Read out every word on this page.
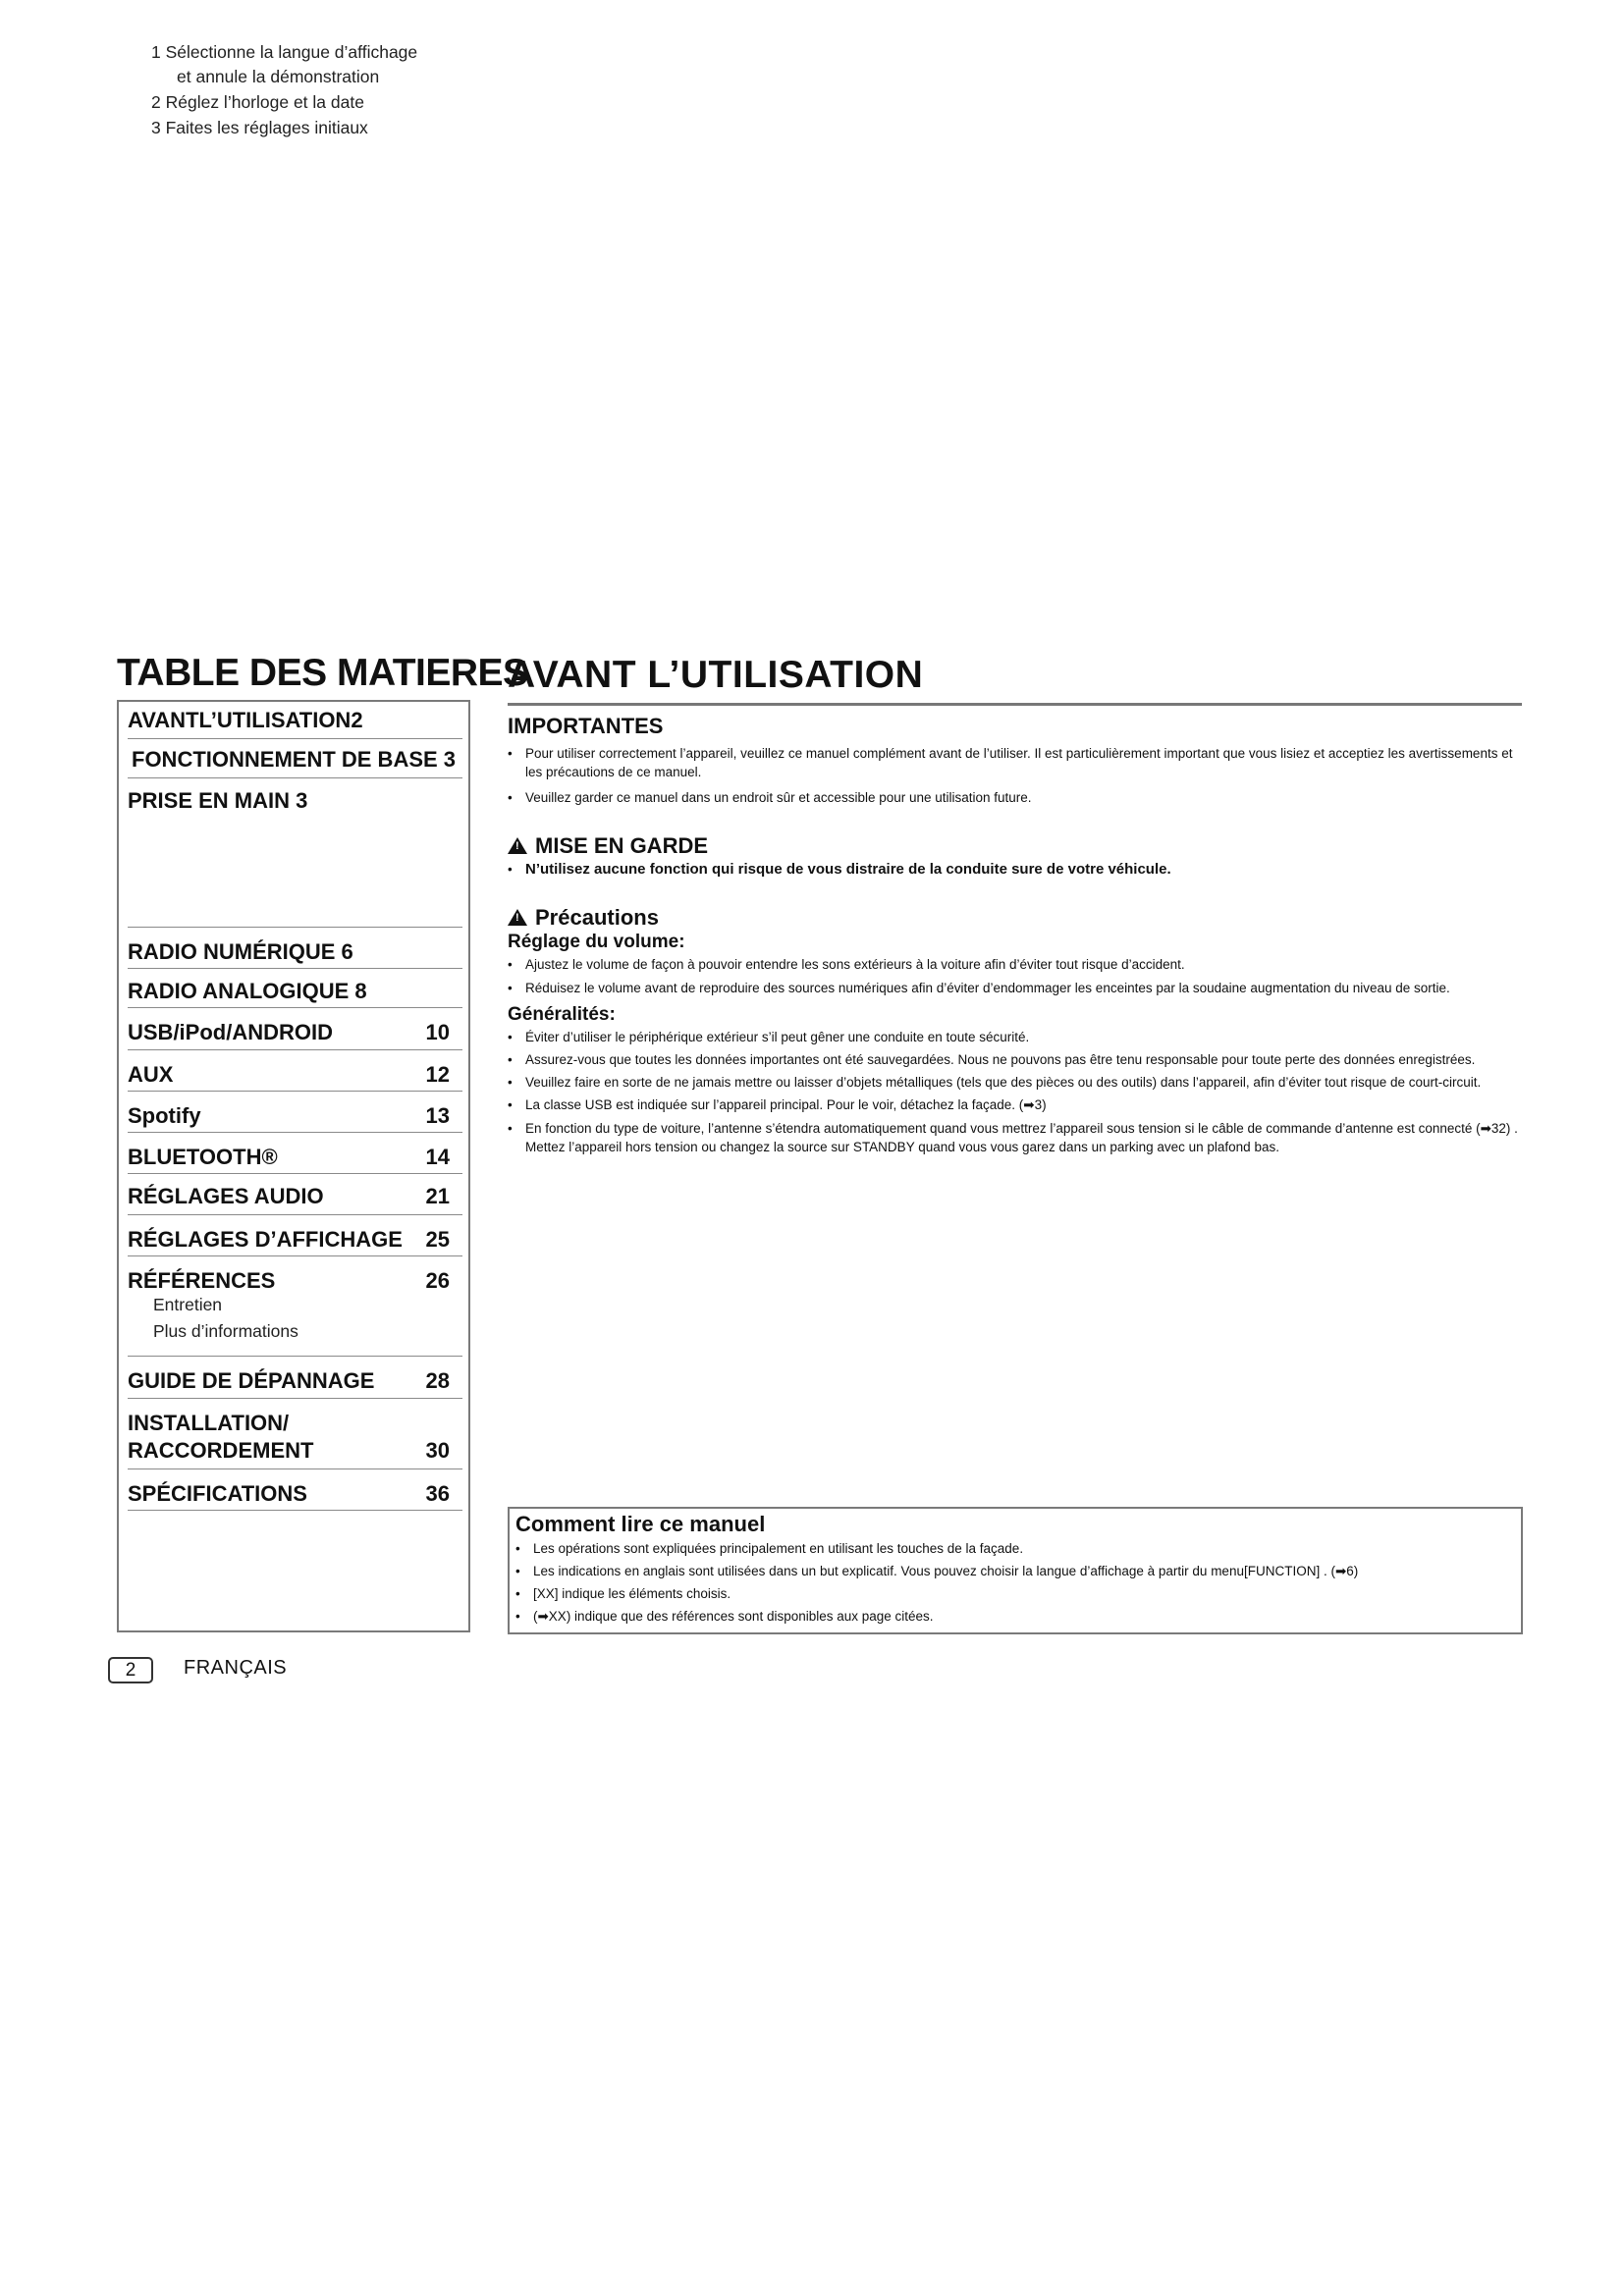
TABLE DES MATIERES
AVANTL’UTILISATION2
FONCTIONNEMENT DE BASE 3
PRISE EN MAIN 3
1 Sélectionne la langue d’affichage
et annule la démonstration
2 Réglez l’horloge et la date
3 Faites les réglages initiaux
RADIO NUMÉRIQUE 6
RADIO ANALOGIQUE 8
USB/iPod/ANDROID	10
AUX	12
Spotify	13
BLUETOOTH®	14
RÉGLAGES AUDIO	21
RÉGLAGES D’AFFICHAGE 25
RÉFÉRENCES	26
Entretien
Plus d’informations
GUIDE DE DÉPANNAGE 28
INSTALLATION/
RACCORDEMENT	30
SPÉCIFICATIONS	36
AVANT L’UTILISATION
IMPORTANTES
• Pour utiliser correctement l’appareil, veuillez ce manuel complément avant de l’utiliser. Il est particulièrement important que vous lisiez et acceptiez les avertissements et les précautions de ce manuel.
• Veuillez garder ce manuel dans un endroit sûr et accessible pour une utilisation future.
!MISE EN GARDE
• N’utilisez aucune fonction qui risque de vous distraire de la conduite sure de votre véhicule.
!Précautions
Réglage du volume:
• Ajustez le volume de façon à pouvoir entendre les sons extérieurs à la voiture afin d’éviter tout risque d’accident.
• Réduisez le volume avant de reproduire des sources numériques afin d’éviter d’endommager les enceintes par la soudaine augmentation du niveau de sortie.
Généralités:
• Éviter d’utiliser le périphérique extérieur s’il peut gêner une conduite en toute sécurité.
• Assurez-vous que toutes les données importantes ont été sauvegardées. Nous ne pouvons pas être tenu responsable pour toute perte des données enregistrées.
• Veuillez faire en sorte de ne jamais mettre ou laisser d’objets métalliques (tels que des pièces ou des outils) dans l’appareil, afin d’éviter tout risque de court-circuit.
• La classe USB est indiquée sur l’appareil principal. Pour le voir, détachez la façade. (➡3)
• En fonction du type de voiture, l’antenne s’étendra automatiquement quand vous mettrez l’appareil sous tension si le câble de commande d’antenne est connecté (➡32) . Mettez l’appareil hors tension ou changez la source sur STANDBY quand vous vous garez dans un parking avec un plafond bas.
Comment lire ce manuel
• Les opérations sont expliquées principalement en utilisant les touches de la façade.
• Les indications en anglais sont utilisées dans un but explicatif. Vous pouvez choisir la langue d’affichage à partir du menu[FUNCTION] . (➡6)
• [XX] indique les éléments choisis.
• (➡XX) indique que des références sont disponibles aux page citées.
2	FRANÇAIS
